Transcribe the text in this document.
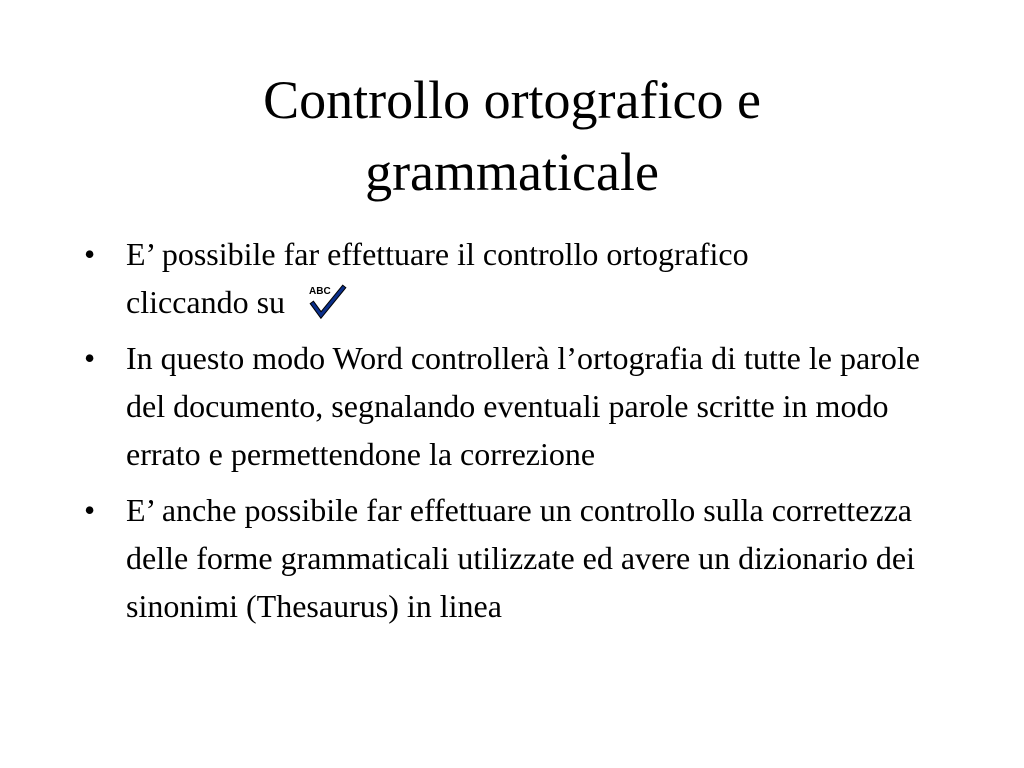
Controllo ortografico e
grammaticale
• E’ possibile far effettuare il controllo ortografico
cliccando su ABC
• In questo modo Word controllerà l’ortografia di tutte le parole del documento, segnalando eventuali parole scritte in modo errato e permettendone la correzione
• E’ anche possibile far effettuare un controllo sulla correttezza delle forme grammaticali utilizzate ed avere un dizionario dei sinonimi (Thesaurus) in linea
